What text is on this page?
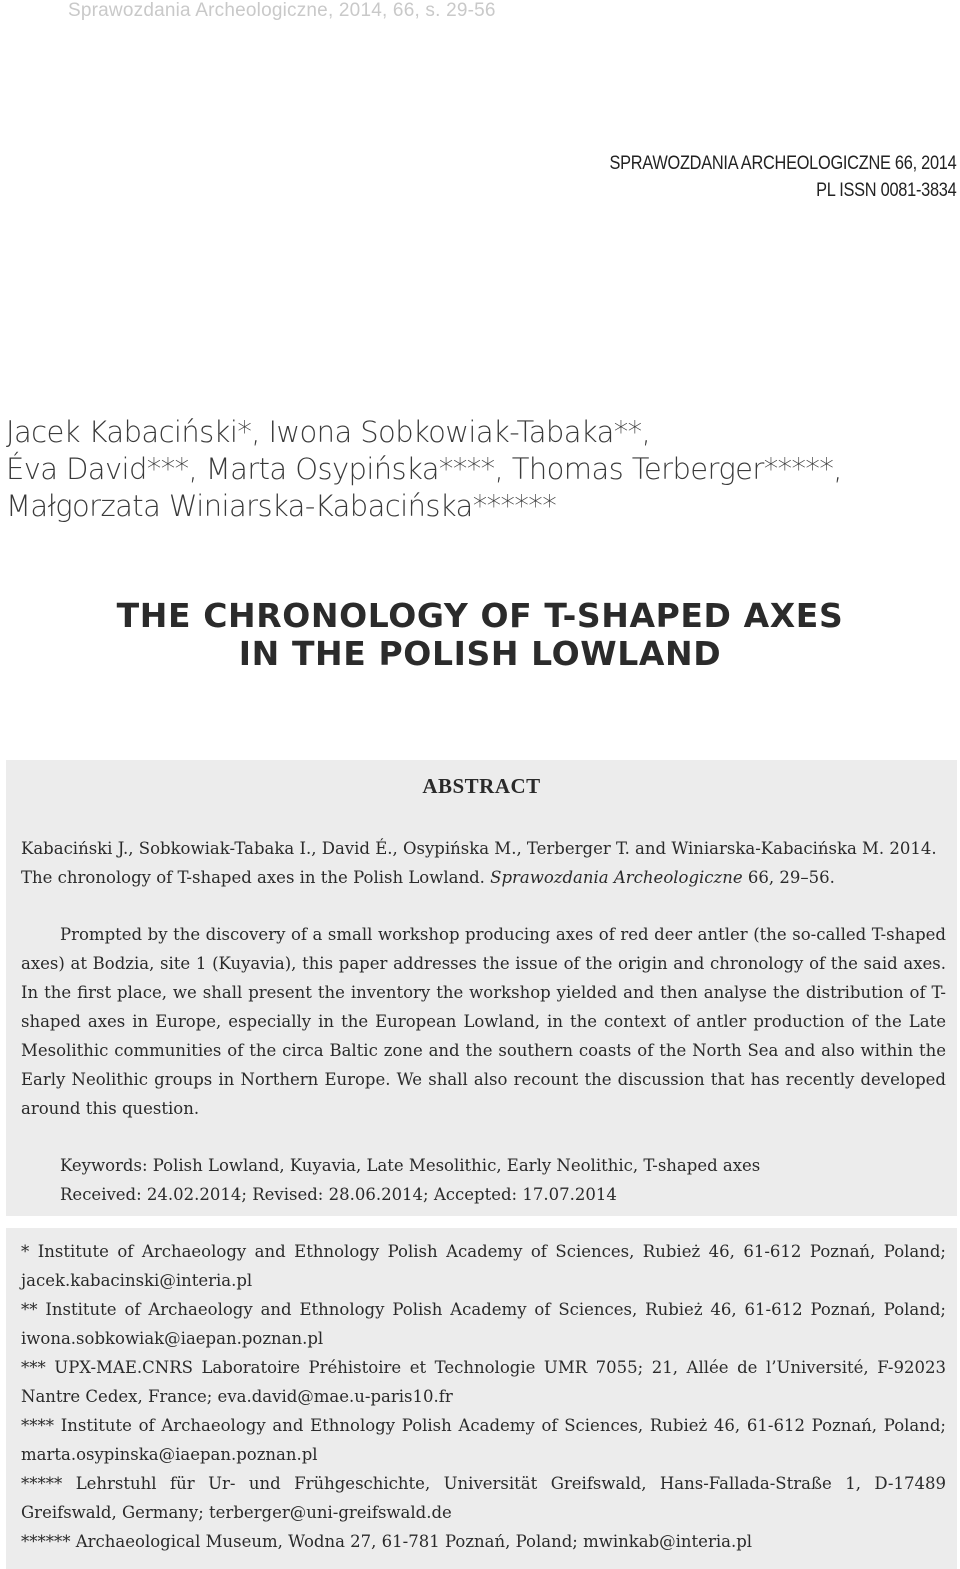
Sprawozdania Archeologiczne, 2014, 66, s. 29-56
SPRAWOZDANIA ARCHEOLOGICZNE 66, 2014
PL ISSN 0081-3834
Jacek Kabaciński*, Iwona Sobkowiak-Tabaka**,
Éva David***, Marta Osypińska****, Thomas Terberger*****,
Małgorzata Winiarska-Kabacińska******
THE CHRONOLOGY OF T-SHAPED AXES
IN THE POLISH LOWLAND
ABSTRACT
Kabaciński J., Sobkowiak-Tabaka I., David É., Osypińska M., Terberger T. and Winiarska-Kabacińska M. 2014. The chronology of T-shaped axes in the Polish Lowland. Sprawozdania Archeologiczne 66, 29–56.
Prompted by the discovery of a small workshop producing axes of red deer antler (the so-called T-shaped axes) at Bodzia, site 1 (Kuyavia), this paper addresses the issue of the origin and chronology of the said axes. In the first place, we shall present the inventory the workshop yielded and then analyse the distribution of T-shaped axes in Europe, especially in the European Lowland, in the context of antler production of the Late Mesolithic communities of the circa Baltic zone and the southern coasts of the North Sea and also within the Early Neolithic groups in Northern Europe. We shall also recount the discussion that has recently developed around this question.
Keywords: Polish Lowland, Kuyavia, Late Mesolithic, Early Neolithic, T-shaped axes
Received: 24.02.2014; Revised: 28.06.2014; Accepted: 17.07.2014

* Institute of Archaeology and Ethnology Polish Academy of Sciences, Rubież 46, 61-612 Poznań, Poland; jacek.kabacinski@interia.pl

** Institute of Archaeology and Ethnology Polish Academy of Sciences, Rubież 46, 61-612 Poznań, Poland; iwona.sobkowiak@iaepan.poznan.pl

*** UPX-MAE.CNRS Laboratoire Préhistoire et Technologie UMR 7055; 21, Allée de l’Université, F-92023 Nantre Cedex, France; eva.david@mae.u-paris10.fr

**** Institute of Archaeology and Ethnology Polish Academy of Sciences, Rubież 46, 61-612 Poznań, Poland; marta.osypinska@iaepan.poznan.pl

***** Lehrstuhl für Ur- und Frühgeschichte, Universität Greifswald, Hans-Fallada-Straße 1, D-17489 Greifswald, Germany; terberger@uni-greifswald.de

****** Archaeological Museum, Wodna 27, 61-781 Poznań, Poland; mwinkab@interia.pl
